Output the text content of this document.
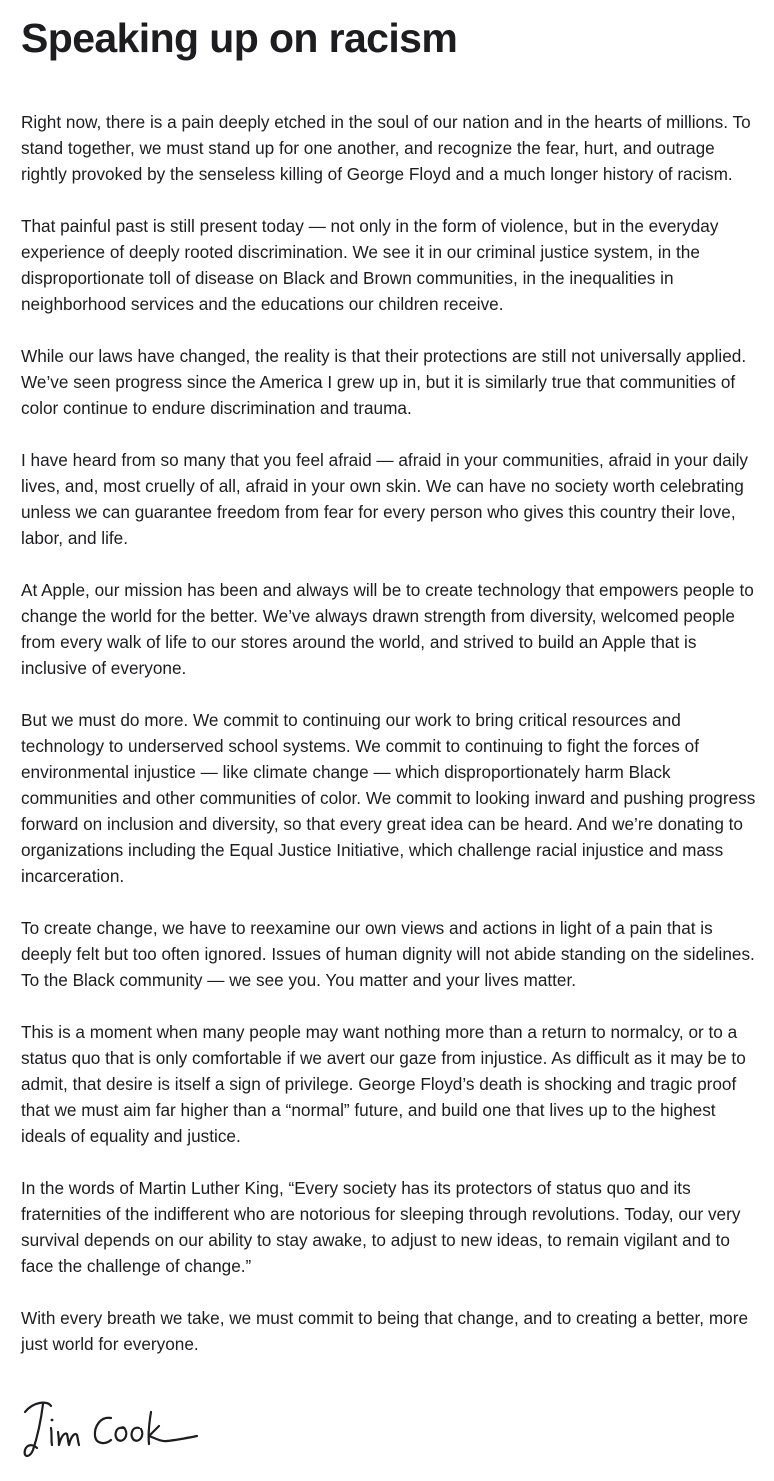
Speaking up on racism

Right now, there is a pain deeply etched in the soul of our nation and in the hearts of millions. To stand together, we must stand up for one another, and recognize the fear, hurt, and outrage rightly provoked by the senseless killing of George Floyd and a much longer history of racism.

That painful past is still present today — not only in the form of violence, but in the everyday experience of deeply rooted discrimination. We see it in our criminal justice system, in the disproportionate toll of disease on Black and Brown communities, in the inequalities in neighborhood services and the educations our children receive.

While our laws have changed, the reality is that their protections are still not universally applied. We’ve seen progress since the America I grew up in, but it is similarly true that communities of color continue to endure discrimination and trauma.

I have heard from so many that you feel afraid — afraid in your communities, afraid in your daily lives, and, most cruelly of all, afraid in your own skin. We can have no society worth celebrating unless we can guarantee freedom from fear for every person who gives this country their love, labor, and life.

At Apple, our mission has been and always will be to create technology that empowers people to change the world for the better. We’ve always drawn strength from diversity, welcomed people from every walk of life to our stores around the world, and strived to build an Apple that is inclusive of everyone.

But we must do more. We commit to continuing our work to bring critical resources and technology to underserved school systems. We commit to continuing to fight the forces of environmental injustice — like climate change — which disproportionately harm Black communities and other communities of color. We commit to looking inward and pushing progress forward on inclusion and diversity, so that every great idea can be heard. And we’re donating to organizations including the Equal Justice Initiative, which challenge racial injustice and mass incarceration.

To create change, we have to reexamine our own views and actions in light of a pain that is deeply felt but too often ignored. Issues of human dignity will not abide standing on the sidelines. To the Black community — we see you. You matter and your lives matter.

This is a moment when many people may want nothing more than a return to normalcy, or to a status quo that is only comfortable if we avert our gaze from injustice. As difficult as it may be to admit, that desire is itself a sign of privilege. George Floyd’s death is shocking and tragic proof that we must aim far higher than a “normal” future, and build one that lives up to the highest ideals of equality and justice.

In the words of Martin Luther King, “Every society has its protectors of status quo and its fraternities of the indifferent who are notorious for sleeping through revolutions. Today, our very survival depends on our ability to stay awake, to adjust to new ideas, to remain vigilant and to face the challenge of change.”

With every breath we take, we must commit to being that change, and to creating a better, more just world for everyone.
